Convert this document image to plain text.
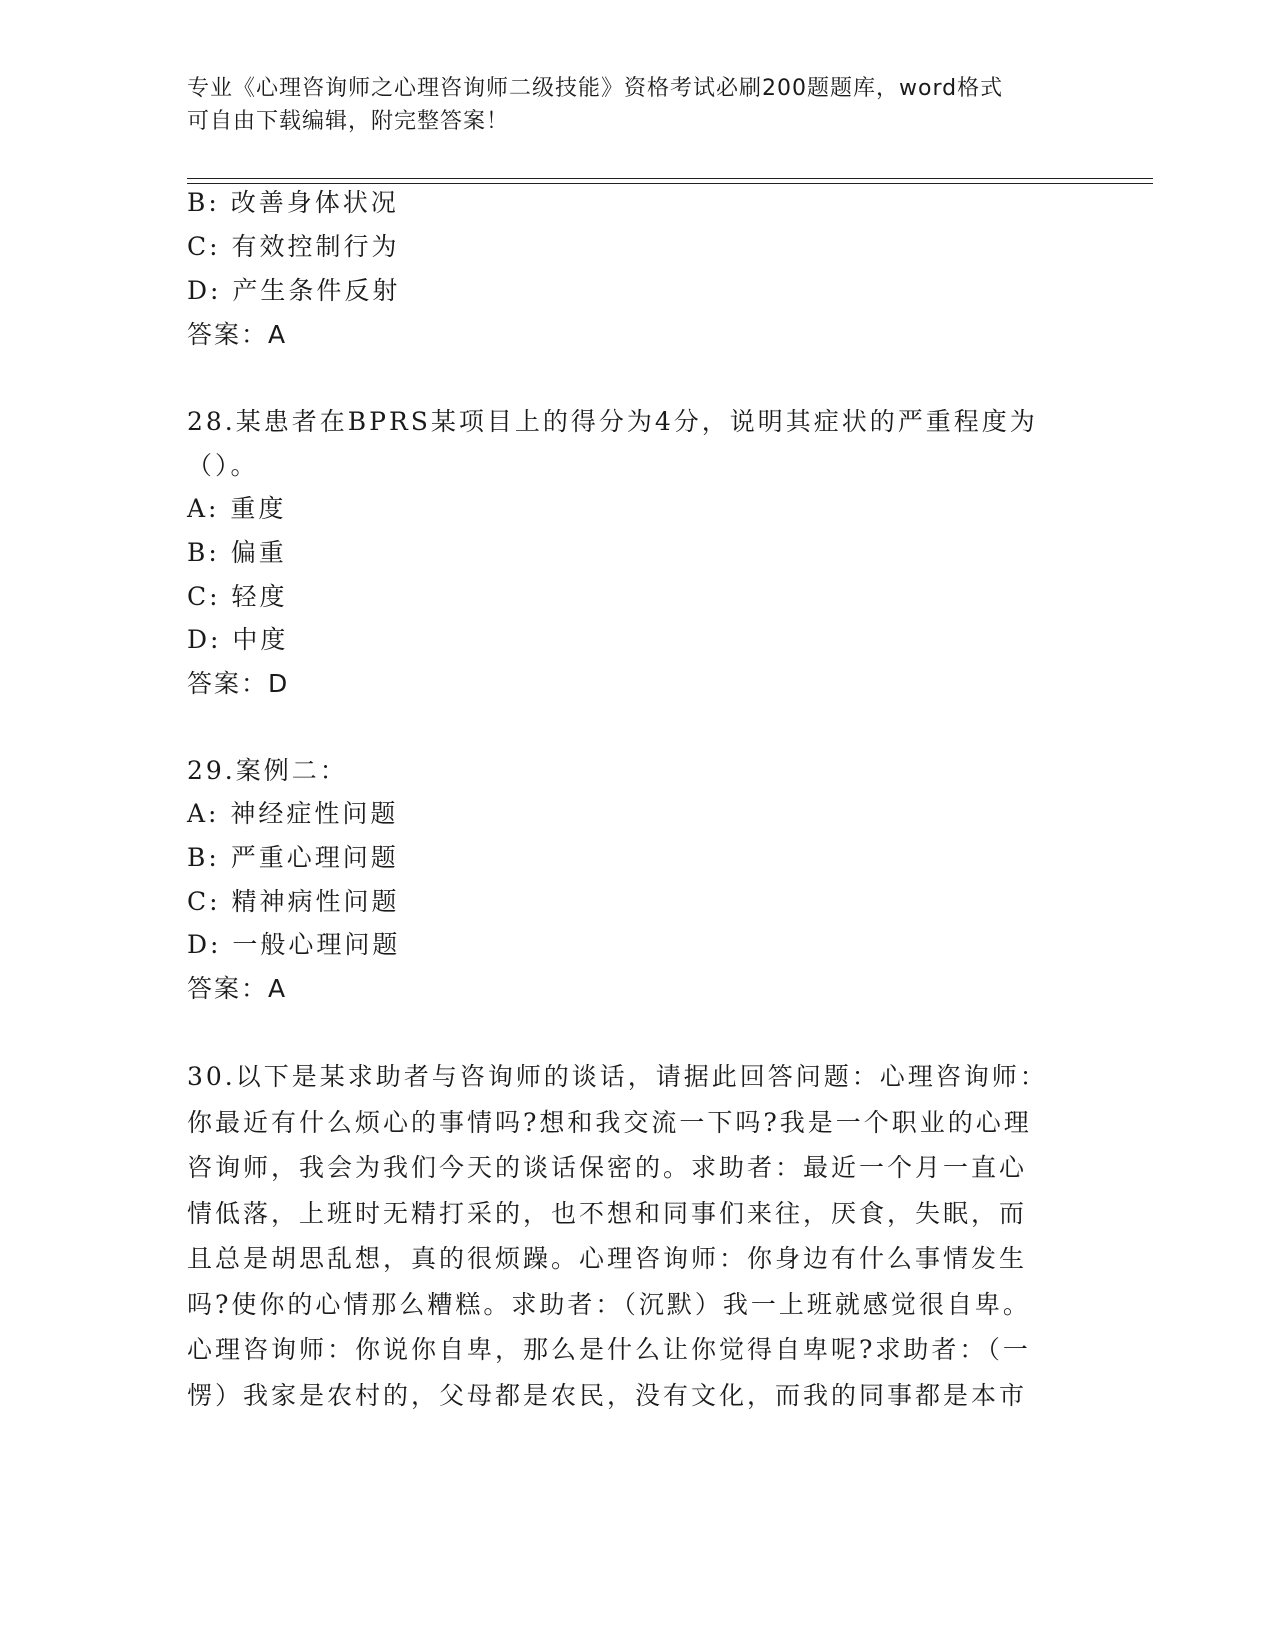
专业《心理咨询师之心理咨询师二级技能》资格考试必刷200题题库，word格式
可自由下载编辑，附完整答案！
B: 改善身体状况
C: 有效控制行为
D: 产生条件反射
答案：A
28.某患者在BPRS某项目上的得分为4分，说明其症状的严重程度为
（）。
A: 重度
B: 偏重
C: 轻度
D: 中度
答案：D
29.案例二：
A: 神经症性问题
B: 严重心理问题
C: 精神病性问题
D: 一般心理问题
答案：A
30.以下是某求助者与咨询师的谈话，请据此回答问题：心理咨询师：
你最近有什么烦心的事情吗?想和我交流一下吗?我是一个职业的心理
咨询师，我会为我们今天的谈话保密的。求助者：最近一个月一直心
情低落，上班时无精打采的，也不想和同事们来往，厌食，失眠，而
且总是胡思乱想，真的很烦躁。心理咨询师：你身边有什么事情发生
吗?使你的心情那么糟糕。求助者：（沉默）我一上班就感觉很自卑。
心理咨询师：你说你自卑，那么是什么让你觉得自卑呢?求助者：（一
愣）我家是农村的，父母都是农民，没有文化，而我的同事都是本市
